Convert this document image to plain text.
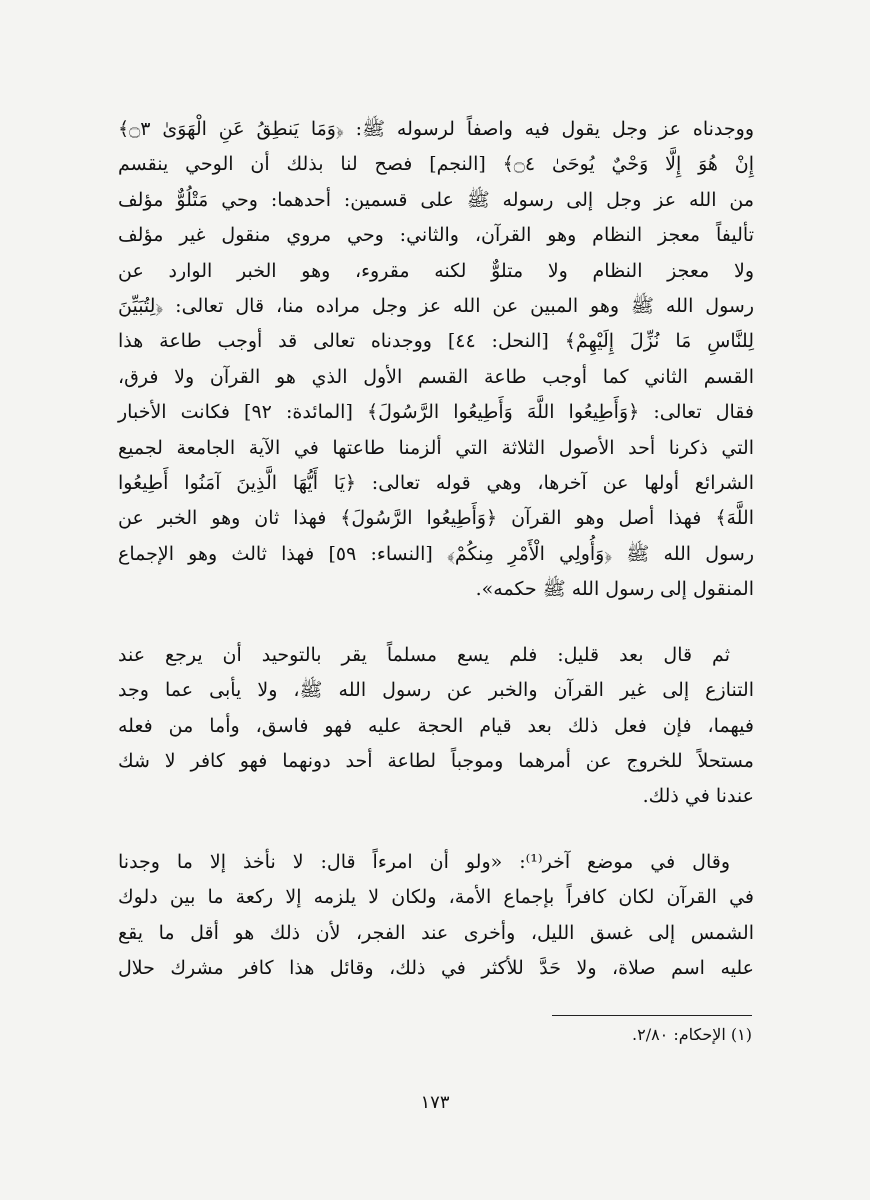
ووجدناه عز وجل يقول فيه واصفاً لرسوله ﷺ: ﴿وَمَا يَنطِقُ عَنِ الْهَوَىٰ ۝٣﴾
إِنْ هُوَ إِلَّا وَحْيٌ يُوحَىٰ ۝٤﴾ [النجم] فصح لنا بذلك أن الوحي ينقسم
من الله عز وجل إلى رسوله ﷺ على قسمين: أحدهما: وحي مَتْلُوٌّ مؤلف
تأليفاً معجز النظام وهو القرآن، والثاني: وحي مروي منقول غير مؤلف
ولا معجز النظام ولا متلوٌّ لكنه مقروء، وهو الخبر الوارد عن
رسول الله ﷺ وهو المبين عن الله عز وجل مراده منا، قال تعالى: ﴿لِتُبَيِّنَ
لِلنَّاسِ مَا نُزِّلَ إِلَيْهِمْ﴾ [النحل: ٤٤] ووجدناه تعالى قد أوجب طاعة هذا
القسم الثاني كما أوجب طاعة القسم الأول الذي هو القرآن ولا فرق،
فقال تعالى: ﴿وَأَطِيعُوا اللَّهَ وَأَطِيعُوا الرَّسُولَ﴾ [المائدة: ٩٢] فكانت الأخبار
التي ذكرنا أحد الأصول الثلاثة التي ألزمنا طاعتها في الآية الجامعة لجميع
الشرائع أولها عن آخرها، وهي قوله تعالى: ﴿يَا أَيُّهَا الَّذِينَ آمَنُوا أَطِيعُوا
اللَّهَ﴾ فهذا أصل وهو القرآن ﴿وَأَطِيعُوا الرَّسُولَ﴾ فهذا ثان وهو الخبر عن
رسول الله ﷺ ﴿وَأُولِي الْأَمْرِ مِنكُمْ﴾ [النساء: ٥٩] فهذا ثالث وهو الإجماع
المنقول إلى رسول الله ﷺ حكمه».

ثم قال بعد قليل: فلم يسع مسلماً يقر بالتوحيد أن يرجع عند
التنازع إلى غير القرآن والخبر عن رسول الله ﷺ، ولا يأبى عما وجد
فيهما، فإن فعل ذلك بعد قيام الحجة عليه فهو فاسق، وأما من فعله
مستحلاً للخروج عن أمرهما وموجباً لطاعة أحد دونهما فهو كافر لا شك
عندنا في ذلك.

وقال في موضع آخر⁽¹⁾: «ولو أن امرءاً قال: لا نأخذ إلا ما وجدنا
في القرآن لكان كافراً بإجماع الأمة، ولكان لا يلزمه إلا ركعة ما بين دلوك
الشمس إلى غسق الليل، وأخرى عند الفجر، لأن ذلك هو أقل ما يقع
عليه اسم صلاة، ولا حَدَّ للأكثر في ذلك، وقائل هذا كافر مشرك حلال

(١) الإحكام: ٢/٨٠.
١٧٣
